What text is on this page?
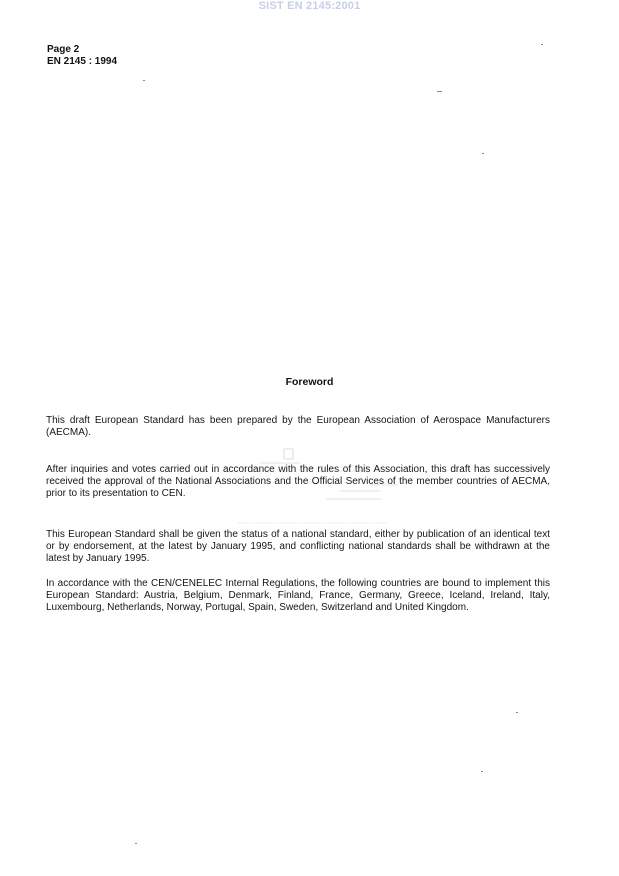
SIST EN 2145:2001
Page 2
EN 2145 : 1994
Foreword
This draft European Standard has been prepared by the European Association of Aerospace Manufacturers (AECMA).
After inquiries and votes carried out in accordance with the rules of this Association, this draft has successively received the approval of the National Associations and the Official Services of the member countries of AECMA, prior to its presentation to CEN.
This European Standard shall be given the status of a national standard, either by publication of an identical text or by endorsement, at the latest by January 1995, and conflicting national standards shall be withdrawn at the latest by January 1995.
In accordance with the CEN/CENELEC Internal Regulations, the following countries are bound to implement this European Standard: Austria, Belgium, Denmark, Finland, France, Germany, Greece, Iceland, Ireland, Italy, Luxembourg, Netherlands, Norway, Portugal, Spain, Sweden, Switzerland and United Kingdom.
